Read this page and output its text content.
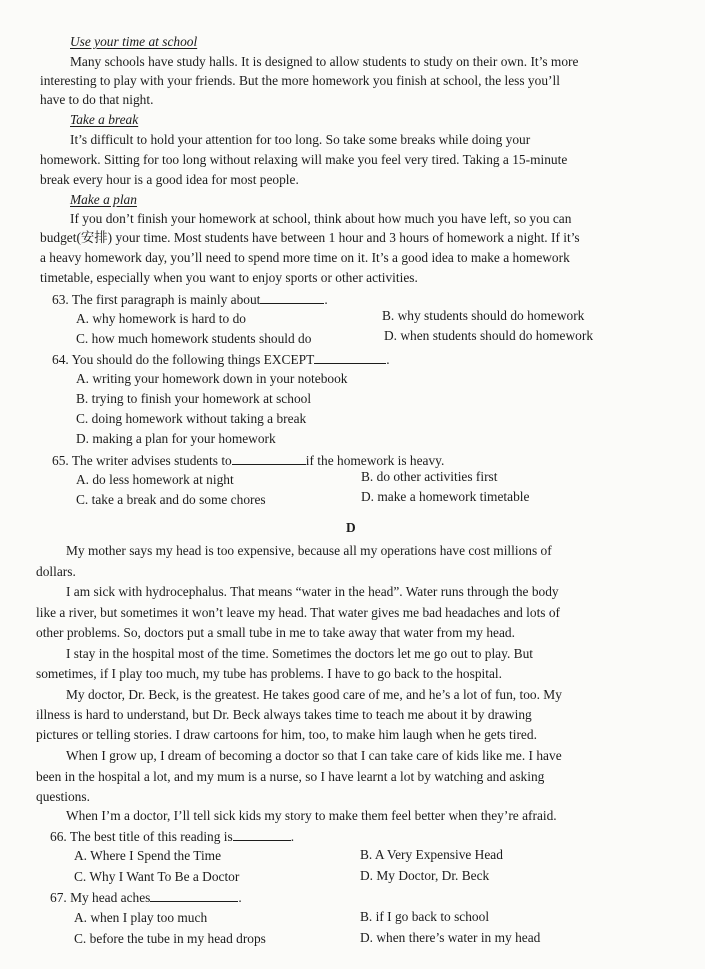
Use your time at school
Many schools have study halls. It is designed to allow students to study on their own. It’s more
interesting to play with your friends. But the more homework you finish at school, the less you’ll
have to do that night.
Take a break
It’s difficult to hold your attention for too long. So take some breaks while doing your
homework. Sitting for too long without relaxing will make you feel very tired. Taking a 15-minute
break every hour is a good idea for most people.
Make a plan
If you don’t finish your homework at school, think about how much you have left, so you can
budget(安排) your time. Most students have between 1 hour and 3 hours of homework a night. If it’s
a heavy homework day, you’ll need to spend more time on it. It’s a good idea to make a homework
timetable, especially when you want to enjoy sports or other activities.
63. The first paragraph is mainly about	.
A. why homework is hard to do	B. why students should do homework
C. how much homework students should do	D. when students should do homework
64. You should do the following things EXCEPT	.
A. writing your homework down in your notebook
B. trying to finish your homework at school
C. doing homework without taking a break
D. making a plan for your homework
65. The writer advises students to	if the homework is heavy.
A. do less homework at night	B. do other activities first
C. take a break and do some chores	D. make a homework timetable
D
My mother says my head is too expensive, because all my operations have cost millions of
dollars.
I am sick with hydrocephalus. That means “water in the head”. Water runs through the body
like a river, but sometimes it won’t leave my head. That water gives me bad headaches and lots of
other problems. So, doctors put a small tube in me to take away that water from my head.
I stay in the hospital most of the time. Sometimes the doctors let me go out to play. But
sometimes, if I play too much, my tube has problems. I have to go back to the hospital.
My doctor, Dr. Beck, is the greatest. He takes good care of me, and he’s a lot of fun, too. My
illness is hard to understand, but Dr. Beck always takes time to teach me about it by drawing
pictures or telling stories. I draw cartoons for him, too, to make him laugh when he gets tired.
When I grow up, I dream of becoming a doctor so that I can take care of kids like me. I have
been in the hospital a lot, and my mum is a nurse, so I have learnt a lot by watching and asking
questions.
When I’m a doctor, I’ll tell sick kids my story to make them feel better when they’re afraid.
66. The best title of this reading is	.
A. Where I Spend the Time	B. A Very Expensive Head
C. Why I Want To Be a Doctor	D. My Doctor, Dr. Beck
67. My head aches	.
A. when I play too much	B. if I go back to school
C. before the tube in my head drops	D. when there’s water in my head
